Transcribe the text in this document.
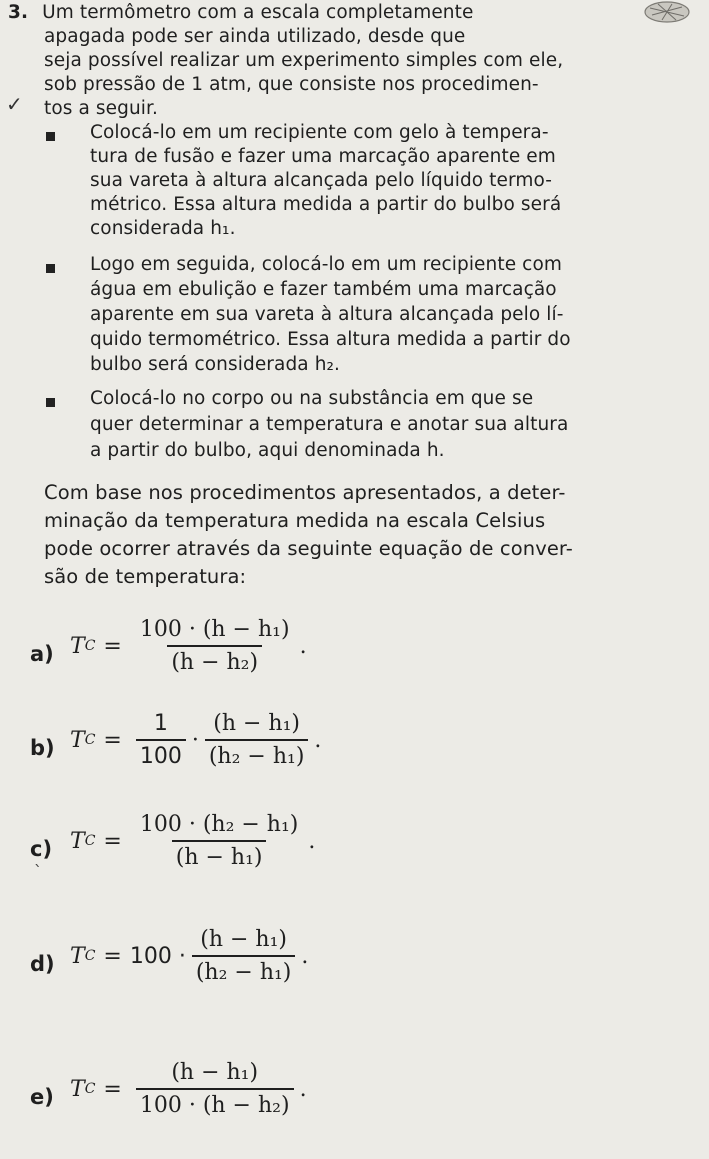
3. Um termômetro com a escala completamente
apagada pode ser ainda utilizado, desde que
seja possível realizar um experimento simples com ele,
sob pressão de 1 atm, que consiste nos procedimen-
tos a seguir.
✓
Colocá-lo em um recipiente com gelo à tempera-
tura de fusão e fazer uma marcação aparente em
sua vareta à altura alcançada pelo líquido termo-
métrico. Essa altura medida a partir do bulbo será
considerada h₁.
Logo em seguida, colocá-lo em um recipiente com
água em ebulição e fazer também uma marcação
aparente em sua vareta à altura alcançada pelo lí-
quido termométrico. Essa altura medida a partir do
bulbo será considerada h₂.
Colocá-lo no corpo ou na substância em que se
quer determinar a temperatura e anotar sua altura
a partir do bulbo, aqui denominada h.
Com base nos procedimentos apresentados, a deter-
minação da temperatura medida na escala Celsius
pode ocorrer através da seguinte equação de conver-
são de temperatura:
a) T $C = \frac{\text{100 · (h − h₁)}}{\text{(h − h₂)}}$ .
b) T $C = \frac{1}{100} \cdot \frac{\text{(h − h₁)}}{\text{(h₂ − h₁)}}$ .
c)
`
T $C = \frac{\text{100 · (h₂ − h₁)}}{\text{(h − h₁)}}$ .
d) T $C = 100 \cdot \frac{\text{(h − h₁)}}{\text{(h₂ − h₁)}}$ .
e) T $C = \frac{\text{(h − h₁)}}{\text{100 · (h − h₂)}}$ .
